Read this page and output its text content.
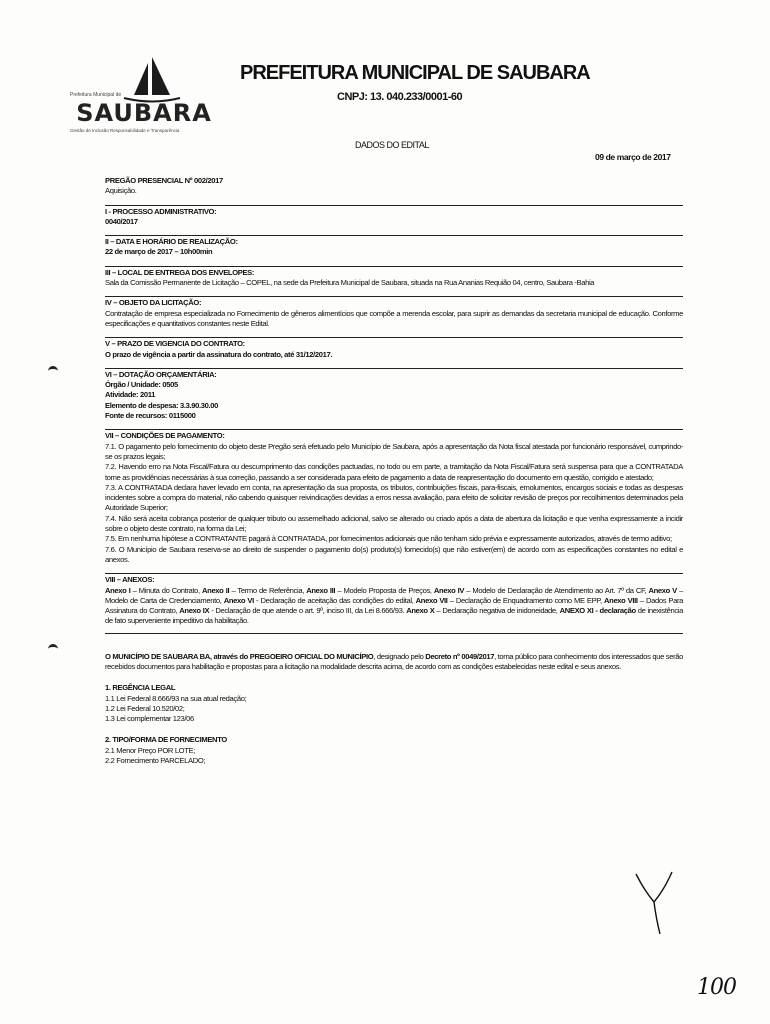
Prefeitura Municipal de
SAUBARA
Gestão de Inclusão Responsabilidade e Transparência
PREFEITURA MUNICIPAL DE SAUBARA
CNPJ: 13. 040.233/0001-60
DADOS DO EDITAL
09 de março de 2017

PREGÃO PRESENCIAL Nº 002/2017

Aquisição.

I - PROCESSO ADMINISTRATIVO:

0040/2017

II – DATA E HORÁRIO DE REALIZAÇÃO:

22 de março de 2017 – 10h00min

III – LOCAL DE ENTREGA DOS ENVELOPES:

Sala da Comissão Permanente de Licitação – COPEL, na sede da Prefeitura Municipal de Saubara, situada na Rua Ananias Requião 04, centro, Saubara -Bahia

IV – OBJETO DA LICITAÇÃO:

Contratação de empresa especializada no Fornecimento de gêneros alimentícios que compõe a merenda escolar, para suprir as demandas da secretaria municipal de educação. Conforme especificações e quantitativos constantes neste Edital.

V – PRAZO DE VIGENCIA DO CONTRATO:

O prazo de vigência a partir da assinatura do contrato, até 31/12/2017.

VI – DOTAÇÃO ORÇAMENTÁRIA:

Órgão / Unidade: 0505

Atividade: 2011

Elemento de despesa: 3.3.90.30.00

Fonte de recursos: 0115000

VII – CONDIÇÕES DE PAGAMENTO:

7.1. O pagamento pelo fornecimento do objeto deste Pregão será efetuado pelo Município de Saubara, após a apresentação da Nota fiscal atestada por funcionário responsável, cumprindo-se os prazos legais;

7.2. Havendo erro na Nota Fiscal/Fatura ou descumprimento das condições pactuadas, no todo ou em parte, a tramitação da Nota Fiscal/Fatura será suspensa para que a CONTRATADA tome as providências necessárias à sua correção, passando a ser considerada para efeito de pagamento a data de reapresentação do documento em questão, corrigido e atestado;

7.3. A CONTRATADA declara haver levado em conta, na apresentação da sua proposta, os tributos, contribuições fiscais, para-fiscais, emolumentos, encargos sociais e todas as despesas incidentes sobre a compra do material, não cabendo quaisquer reivindicações devidas a erros nessa avaliação, para efeito de solicitar revisão de preços por recolhimentos determinados pela Autoridade Superior;

7.4. Não será aceita cobrança posterior de qualquer tributo ou assemelhado adicional, salvo se alterado ou criado após a data de abertura da licitação e que venha expressamente a incidir sobre o objeto deste contrato, na forma da Lei;

7.5. Em nenhuma hipótese a CONTRATANTE pagará à CONTRATADA, por fornecimentos adicionais que não tenham sido prévia e expressamente autorizados, através de termo aditivo;

7.6. O Município de Saubara reserva-se ao direito de suspender o pagamento do(s) produto(s) fornecido(s) que não estiver(em) de acordo com as especificações constantes no edital e anexos.

VIII – ANEXOS:

Anexo I – Minuta do Contrato, Anexo II – Termo de Referência, Anexo III – Modelo Proposta de Preços, Anexo IV – Modelo de Declaração de Atendimento ao Art. 7º da CF, Anexo V – Modelo de Carta de Credenciamento, Anexo VI - Declaração de aceitação das condições do edital, Anexo VII – Declaração de Enquadramento como ME EPP, Anexo VIII – Dados Para Assinatura do Contrato, Anexo IX - Declaração de que atende o art. 9º, inciso III, da Lei 8.666/93. Anexo X – Declaração negativa de inidoneidade, ANEXO XI - declaração de inexistência de fato superveniente impeditivo da habilitação.

O MUNICÍPIO DE SAUBARA BA, através do PREGOEIRO OFICIAL DO MUNICÍPIO, designado pelo Decreto nº 0049/2017, torna público para conhecimento dos interessados que serão recebidos documentos para habilitação e propostas para a licitação na modalidade descrita acima, de acordo com as condições estabelecidas neste edital e seus anexos.

1. REGÊNCIA LEGAL

1.1 Lei Federal 8.666/93 na sua atual redação;

1.2 Lei Federal 10.520/02;

1.3 Lei complementar 123/06

2. TIPO/FORMA DE FORNECIMENTO

2.1 Menor Preço POR LOTE;

2.2 Fornecimento PARCELADO;

100
